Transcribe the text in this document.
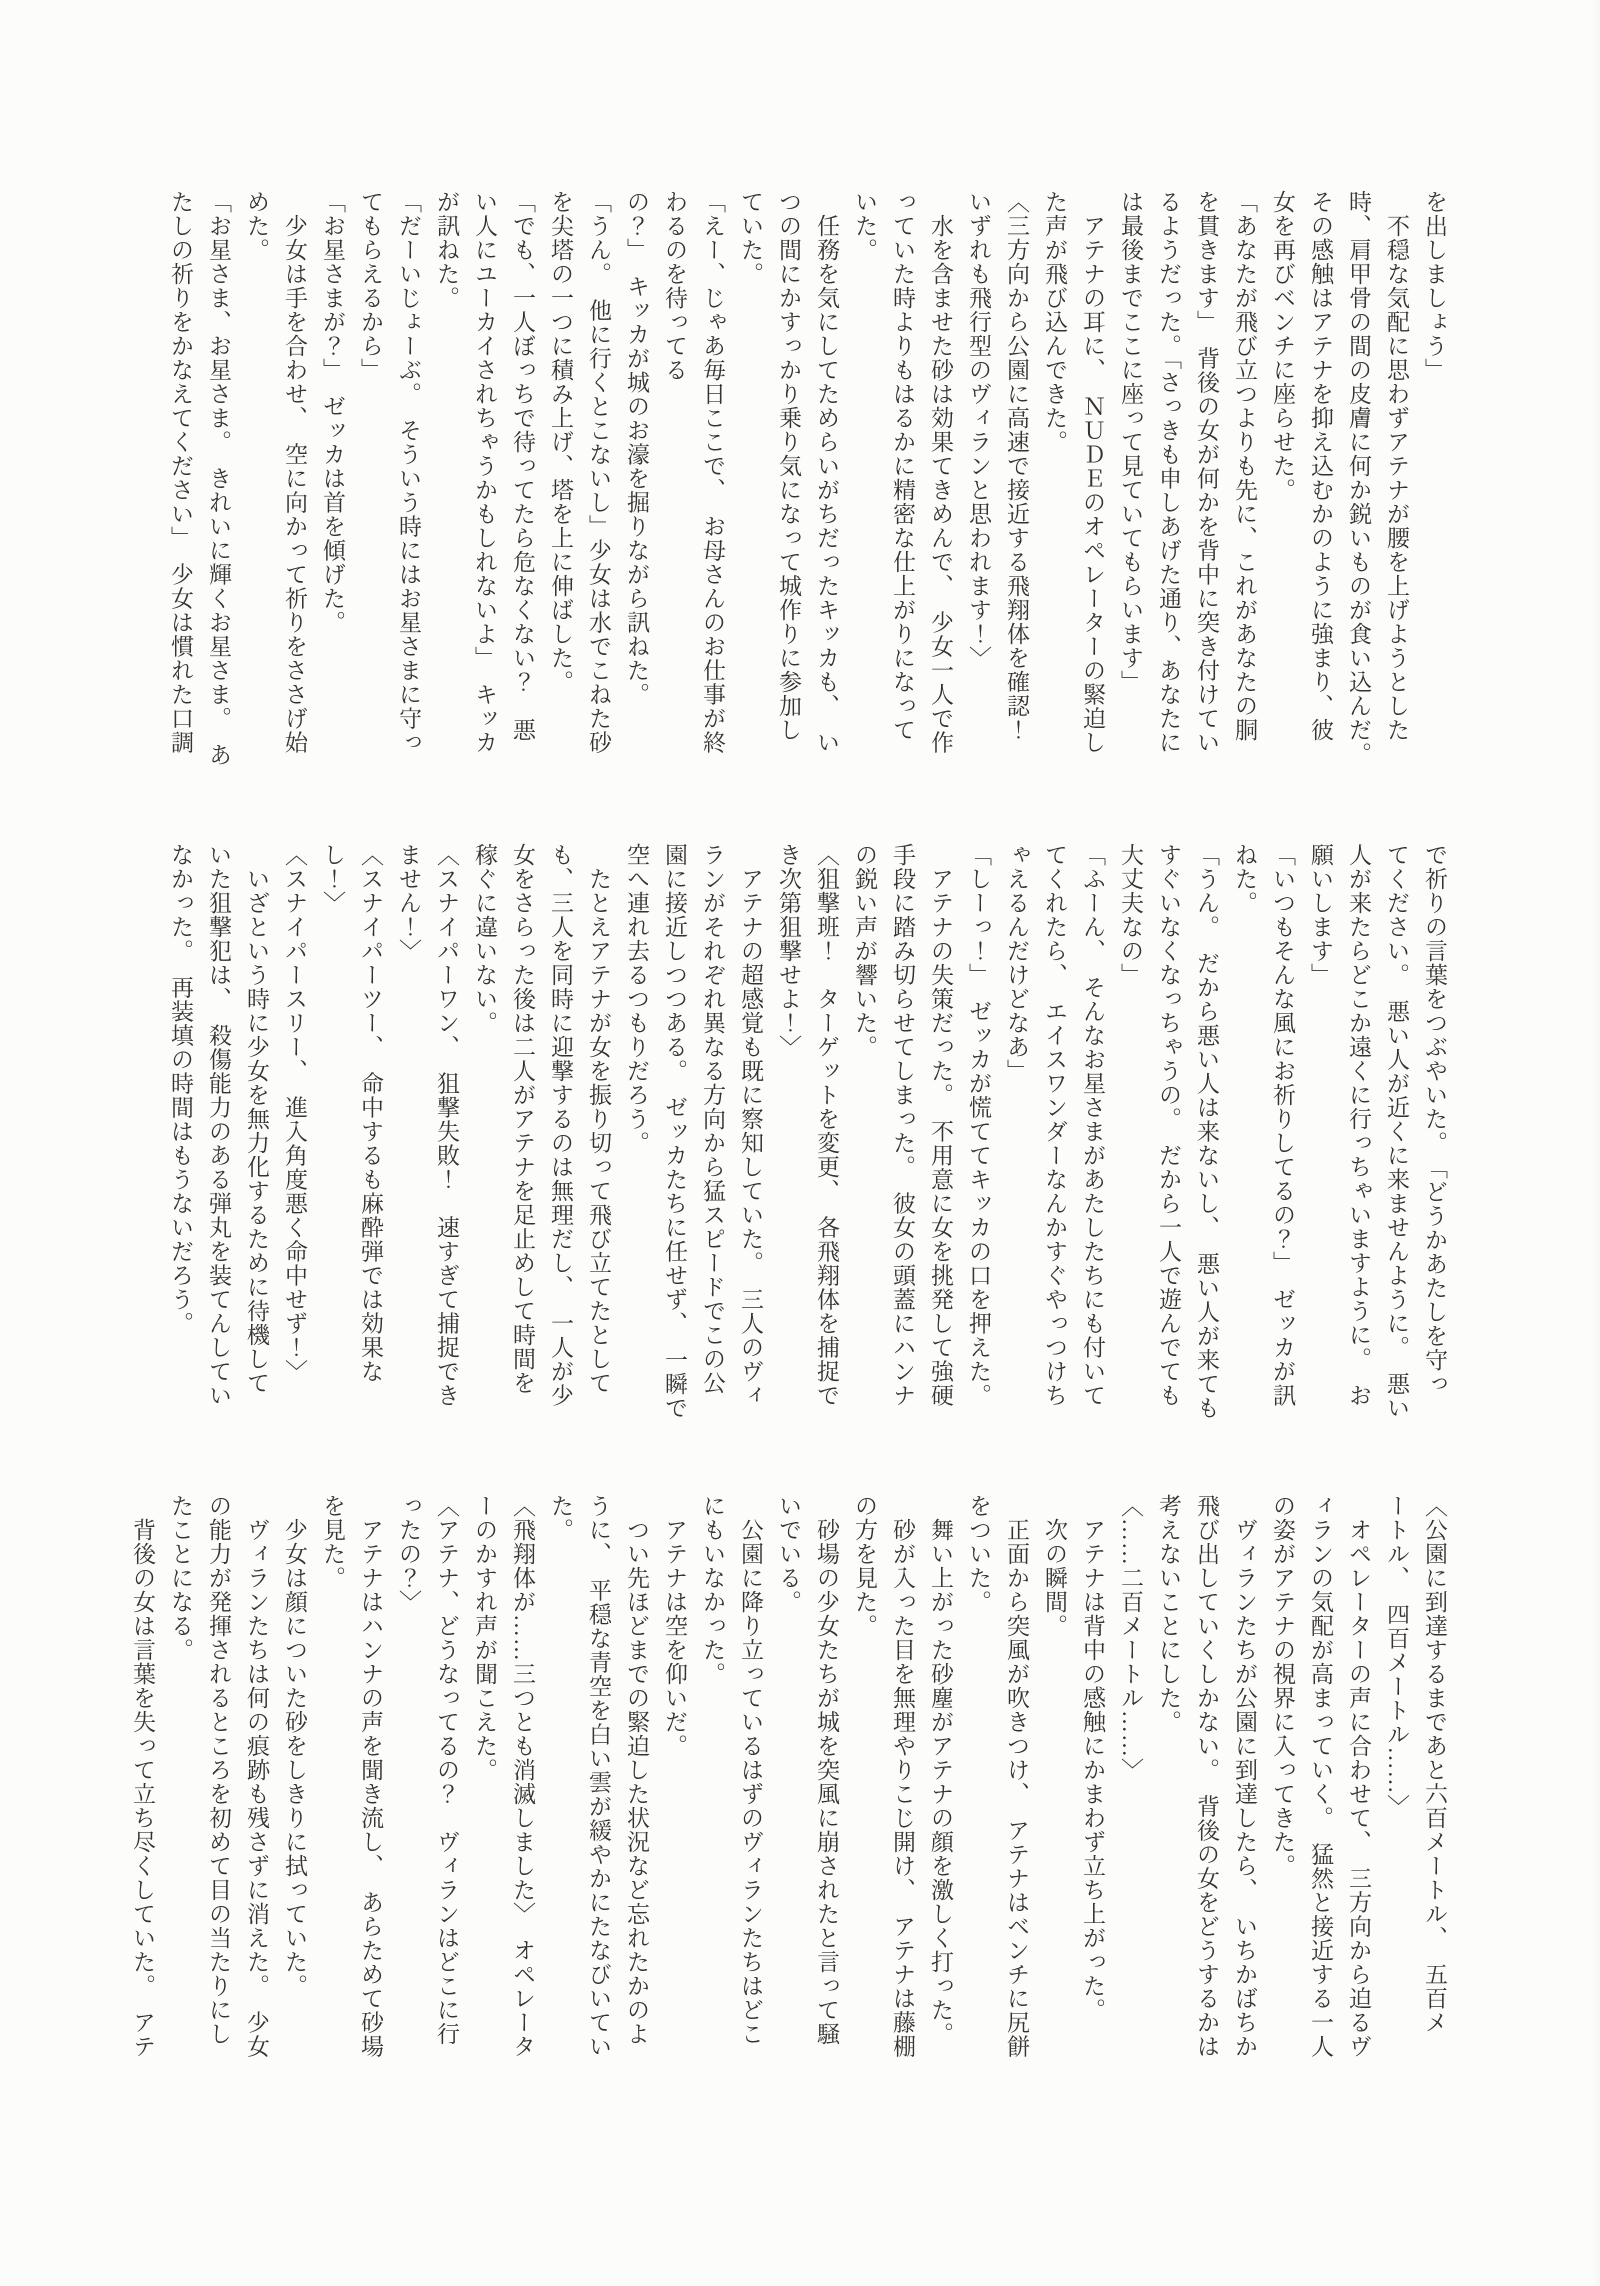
を出しましょう」

　不穏な気配に思わずアテナが腰を上げようとした

時、肩甲骨の間の皮膚に何か鋭いものが食い込んだ。

その感触はアテナを抑え込むかのように強まり、彼

女を再びベンチに座らせた。

「あなたが飛び立つよりも先に、これがあなたの胴

を貫きます」　背後の女が何かを背中に突き付けてい

るようだった。「さっきも申しあげた通り、あなたに

は最後までここに座って見ていてもらいます」

　アテナの耳に、　ＮＵＤＥのオペレーターの緊迫し

た声が飛び込んできた。

〈三方向から公園に高速で接近する飛翔体を確認！

いずれも飛行型のヴィランと思われます！〉

　水を含ませた砂は効果てきめんで、　少女一人で作

っていた時よりもはるかに精密な仕上がりになって

いた。

　任務を気にしてためらいがちだったキッカも、　い

つの間にかすっかり乗り気になって城作りに参加し

ていた。

「えー、じゃあ毎日ここで、　お母さんのお仕事が終

わるのを待ってる

の？」　キッカが城のお濠を掘りながら訊ねた。

「うん。　他に行くとこないし」少女は水でこねた砂

を尖塔の一つに積み上げ、塔を上に伸ばした。

「でも、一人ぼっちで待ってたら危なくない？　悪

い人にユーカイされちゃうかもしれないよ」　キッカ

が訊ねた。

「だーいじょーぶ。　そういう時にはお星さまに守っ

てもらえるから」

「お星さまが？」　ゼッカは首を傾げた。

　少女は手を合わせ、　空に向かって祈りをささげ始

めた。

「お星さま、お星さま。　きれいに輝くお星さま。　あ

たしの祈りをかなえてください」　少女は慣れた口調

で祈りの言葉をつぶやいた。　「どうかあたしを守っ

てください。　悪い人が近くに来ませんように。　悪い

人が来たらどこか遠くに行っちゃいますように。　お

願いします」

「いつもそんな風にお祈りしてるの？」　ゼッカが訊

ねた。

「うん。　だから悪い人は来ないし、　悪い人が来ても

すぐいなくなっちゃうの。　だから一人で遊んでても

大丈夫なの」

「ふーん、　そんなお星さまがあたしたちにも付いて

てくれたら、　エイスワンダーなんかすぐやっつけち

ゃえるんだけどなあ」

「しーっ！」　ゼッカが慌ててキッカの口を押えた。

　アテナの失策だった。　不用意に女を挑発して強硬

手段に踏み切らせてしまった。　彼女の頭蓋にハンナ

の鋭い声が響いた。

〈狙撃班！　ターゲットを変更、　各飛翔体を捕捉で

き次第狙撃せよ！〉

　アテナの超感覚も既に察知していた。　三人のヴィ

ランがそれぞれ異なる方向から猛スピードでこの公

園に接近しつつある。　ゼッカたちに任せず、　一瞬で

空へ連れ去るつもりだろう。

　たとえアテナが女を振り切って飛び立てたとして

も、三人を同時に迎撃するのは無理だし、　一人が少

女をさらった後は二人がアテナを足止めして時間を

稼ぐに違いない。

〈スナイパーワン、　狙撃失敗！　速すぎて捕捉でき

ません！〉

〈スナイパーツー、　命中するも麻酔弾では効果な

し！〉

〈スナイパースリー、　進入角度悪く命中せず！〉

　いざという時に少女を無力化するために待機して

いた狙撃犯は、　殺傷能力のある弾丸を装てんしてい

なかった。　再装填の時間はもうないだろう。

〈公園に到達するまであと六百メートル、　五百メ

ートル、　四百メートル……〉

　オペレーターの声に合わせて、　三方向から迫るヴ

ィランの気配が高まっていく。　猛然と接近する一人

の姿がアテナの視界に入ってきた。

　ヴィランたちが公園に到達したら、　いちかばちか

飛び出していくしかない。　背後の女をどうするかは

考えないことにした。

〈……二百メートル……〉

　アテナは背中の感触にかまわず立ち上がった。

　次の瞬間。

　正面から突風が吹きつけ、　アテナはベンチに尻餅

をついた。

　舞い上がった砂塵がアテナの顔を激しく打った。

　砂が入った目を無理やりこじ開け、　アテナは藤棚

の方を見た。

　砂場の少女たちが城を突風に崩されたと言って騒

いでいる。

　公園に降り立っているはずのヴィランたちはどこ

にもいなかった。

　アテナは空を仰いだ。

　つい先ほどまでの緊迫した状況など忘れたかのよ

うに、　平穏な青空を白い雲が緩やかにたなびいてい

た。

〈飛翔体が……三つとも消滅しました〉　オペレータ

ーのかすれ声が聞こえた。

〈アテナ、どうなってるの？　ヴィランはどこに行

ったの？〉

　アテナはハンナの声を聞き流し、　あらためて砂場

を見た。

　少女は顔についた砂をしきりに拭っていた。

　ヴィランたちは何の痕跡も残さずに消えた。　少女

の能力が発揮されるところを初めて目の当たりにし

たことになる。

　背後の女は言葉を失って立ち尽くしていた。　アテ
